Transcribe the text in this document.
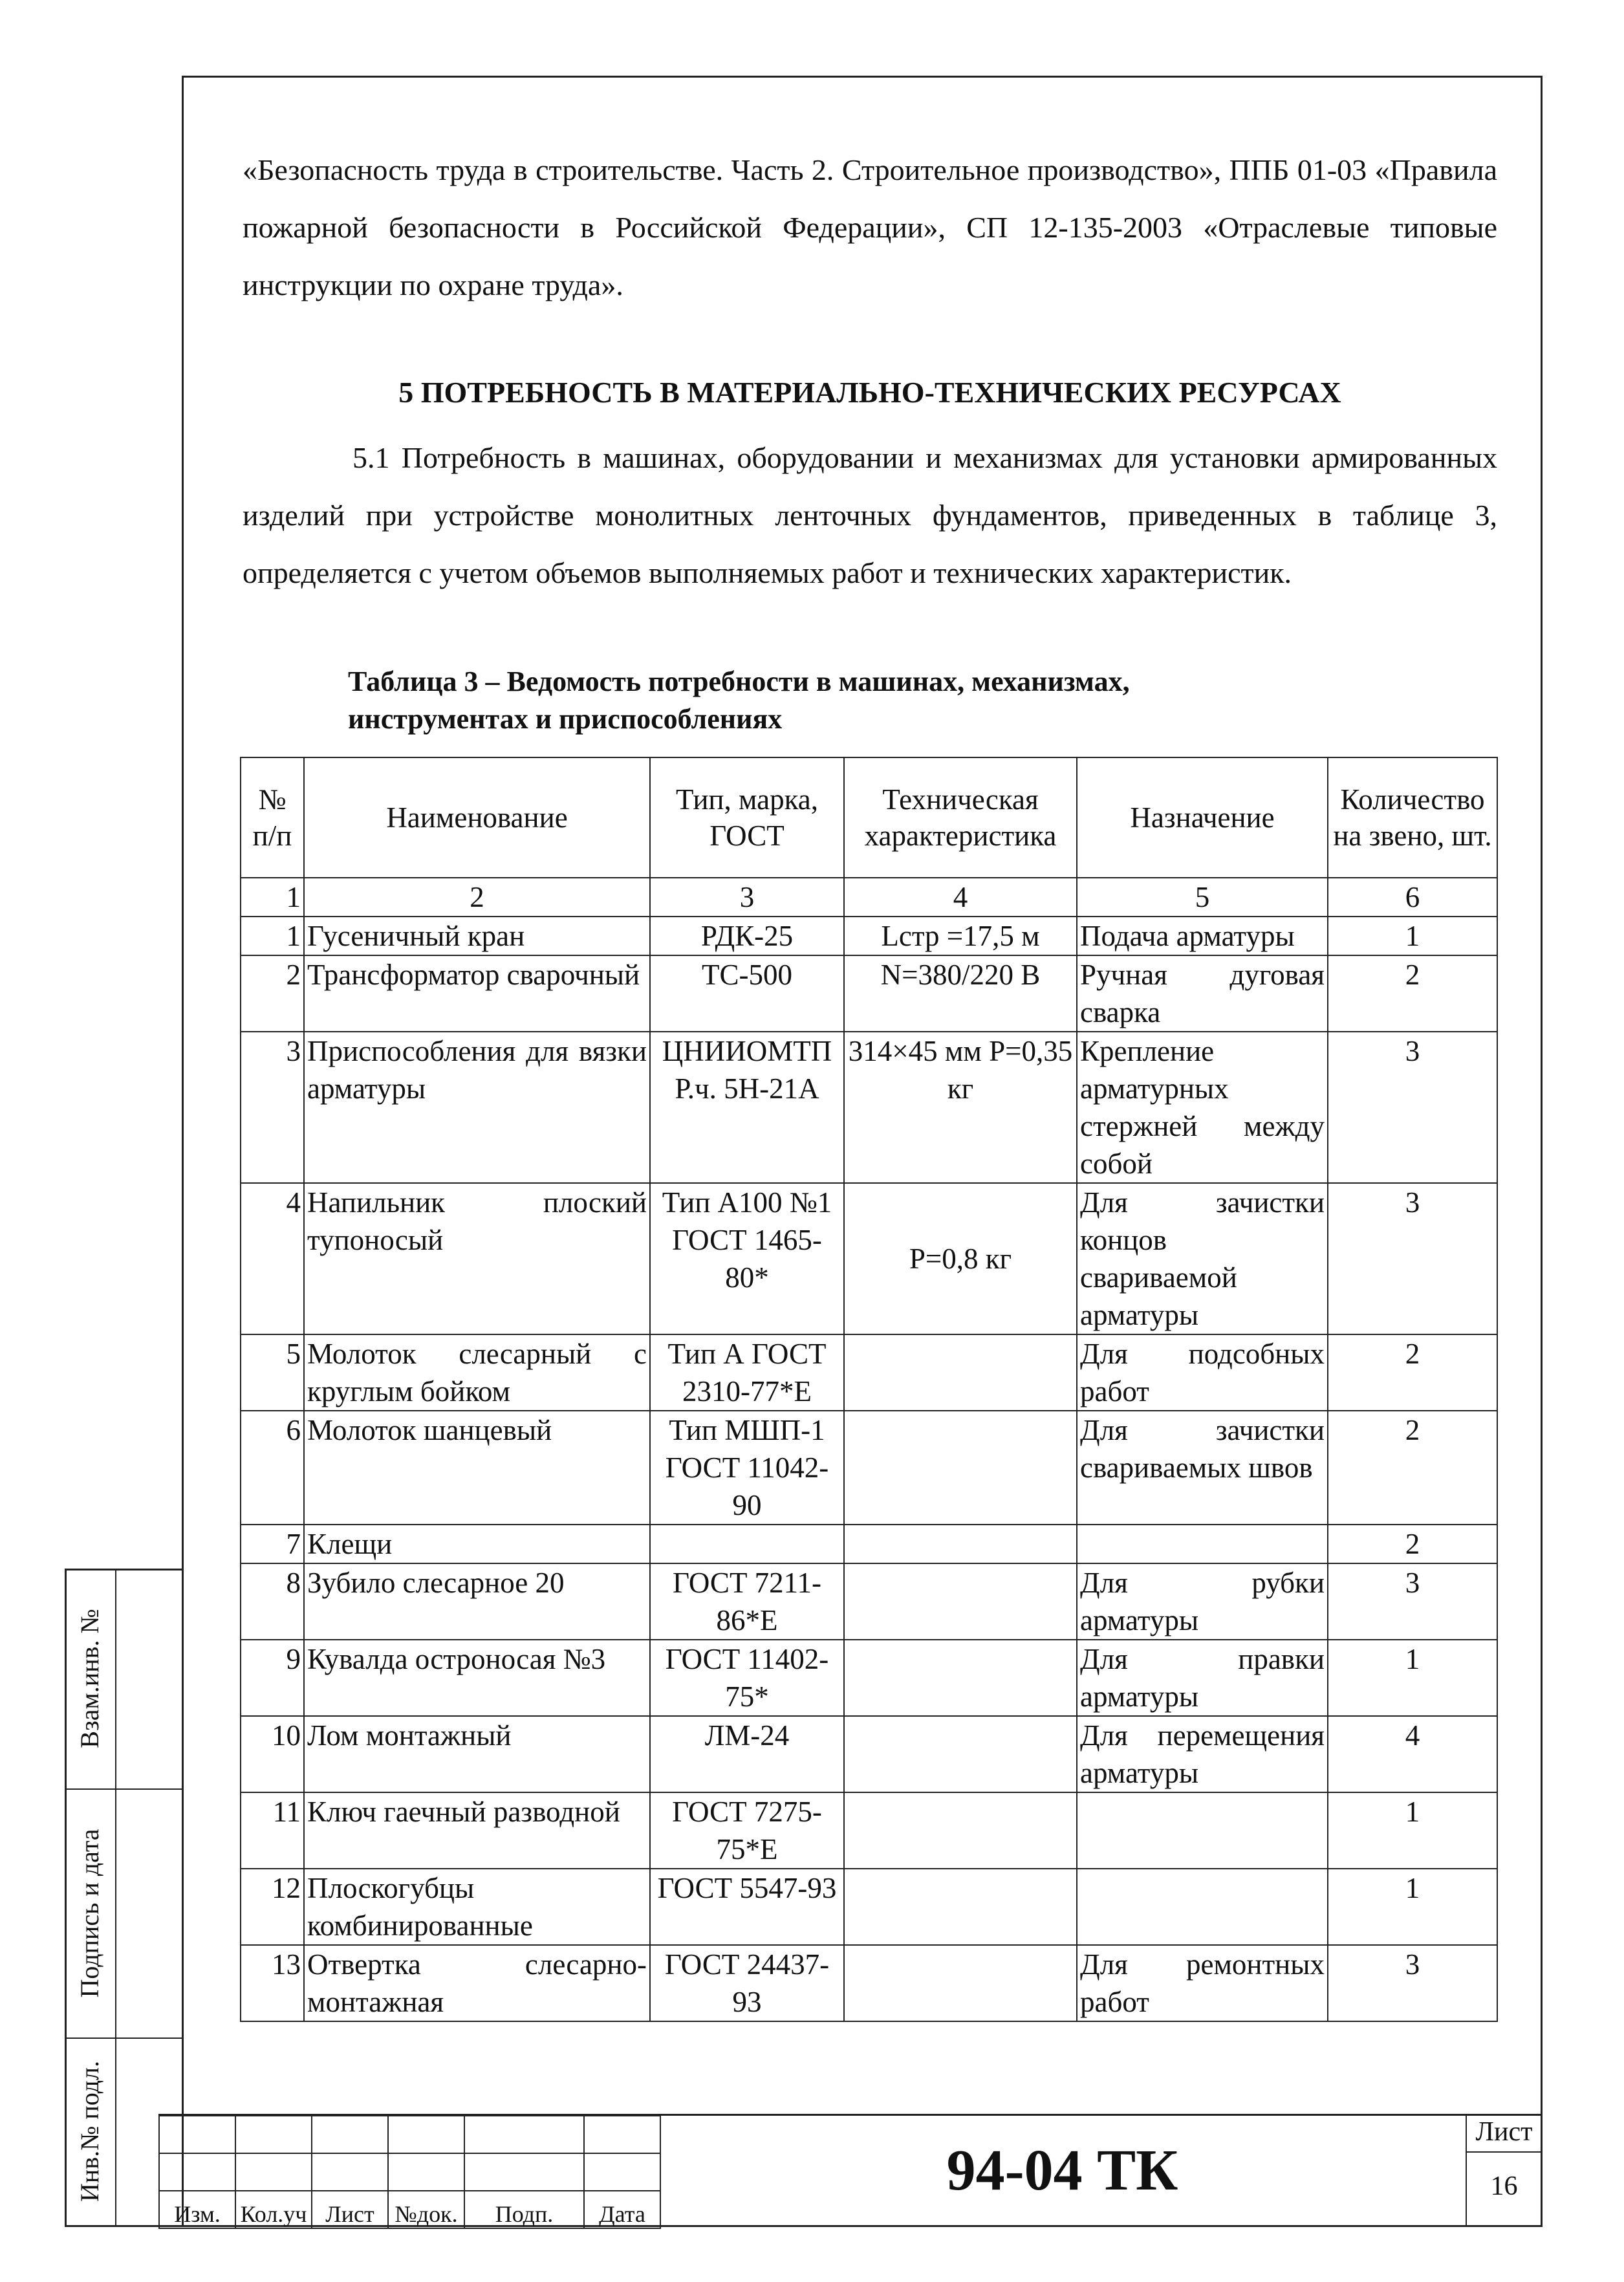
«Безопасность труда в строительстве. Часть 2. Строительное производство», ППБ 01-03 «Правила пожарной безопасности в Российской Федерации», СП 12-135-2003 «Отраслевые типовые инструкции по охране труда».

5 ПОТРЕБНОСТЬ В МАТЕРИАЛЬНО-ТЕХНИЧЕСКИХ РЕСУРСАХ

5.1 Потребность в машинах, оборудовании и механизмах для установки армированных изделий при устройстве монолитных ленточных фундаментов, приведенных в таблице 3, определяется с учетом объемов выполняемых работ и технических характеристик.

Таблица 3 – Ведомость потребности в машинах, механизмах,
инструментах и приспособлениях
№ п/п	Наименование	Тип, марка, ГОСТ	Техническая характеристика	Назначение	Количество на звено, шт.
1	2	3	4	5	6
1	Гусеничный кран	РДК-25	Lстр =17,5 м	Подача арматуры	1
2	Трансформатор сварочный	ТС-500	N=380/220 В	Ручная дуговая сварка	2
3	Приспособления для вязки арматуры	ЦНИИОМТП Р.ч. 5Н-21А	314×45 мм Р=0,35 кг	Крепление арматурных стержней между собой	3
4	Напильник плоский тупоносый	Тип А100 №1 ГОСТ 1465-80*	Р=0,8 кг	Для зачистки концов свариваемой арматуры	3
5	Молоток слесарный с круглым бойком	Тип А ГОСТ 2310-77*Е		Для подсобных работ	2
6	Молоток шанцевый	Тип МШП-1 ГОСТ 11042-90		Для зачистки свариваемых швов	2
7	Клещи				2
8	Зубило слесарное 20	ГОСТ 7211-86*Е		Для рубки арматуры	3
9	Кувалда остроносая №3	ГОСТ 11402-75*		Для правки арматуры	1
10	Лом монтажный	ЛМ-24		Для перемещения арматуры	4
11	Ключ гаечный разводной	ГОСТ 7275-75*Е			1
12	Плоскогубцы комбинированные	ГОСТ 5547-93			1
13	Отвертка слесарно-монтажная	ГОСТ 24437-93		Для ремонтных работ	3
Взам.инв. №
Подпись и дата
Инв.№ подл.

Изм.	Кол.уч	Лист	№док.	Подп.	Дата
94-04 ТК
Лист
16
